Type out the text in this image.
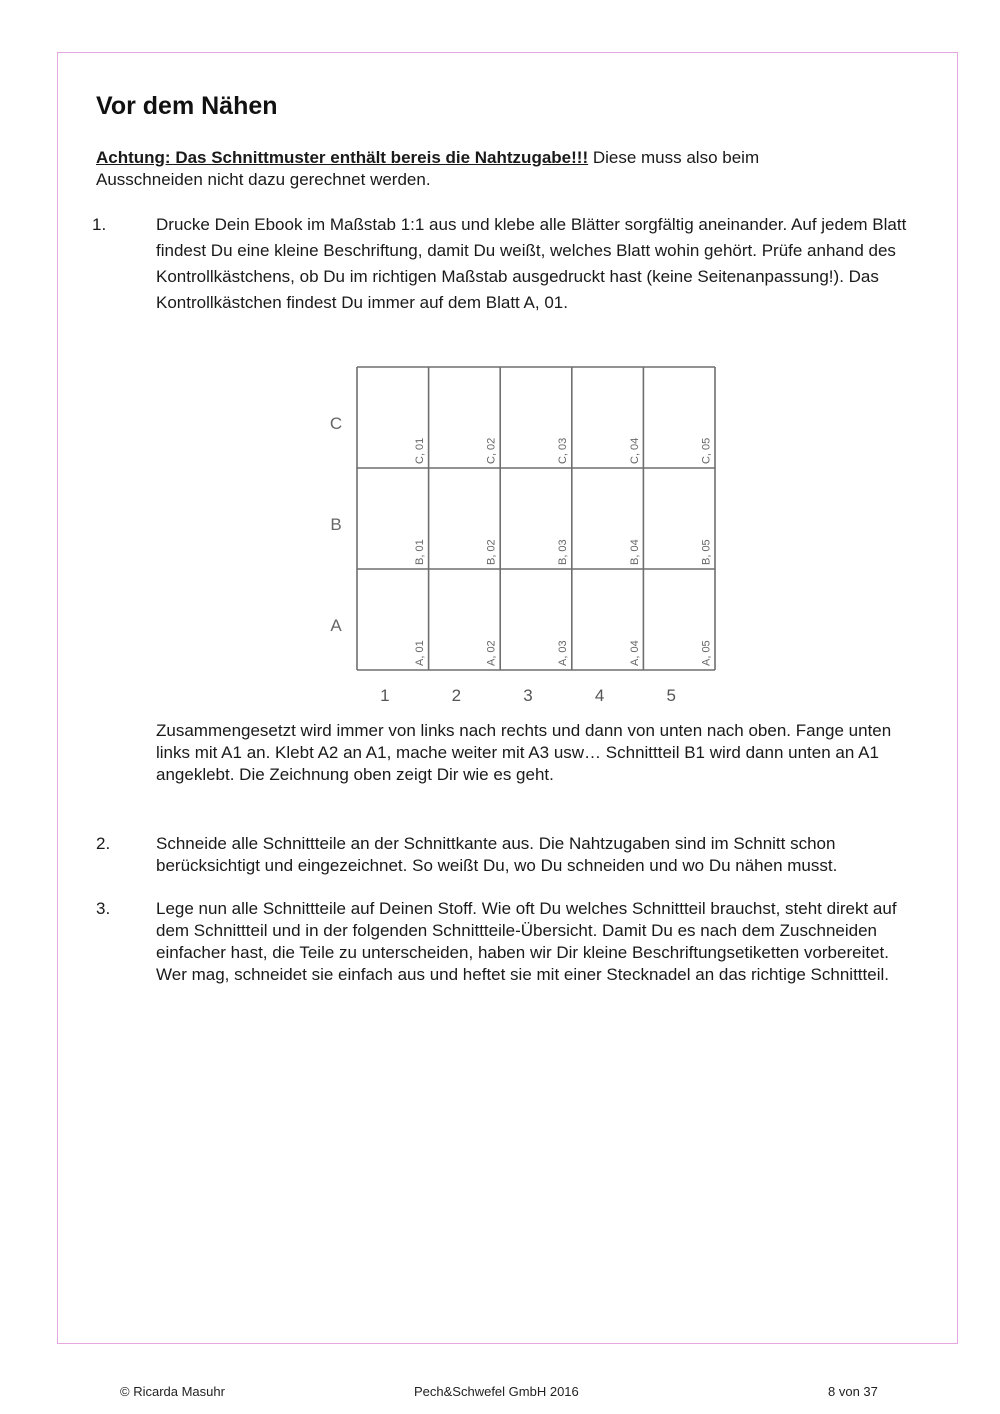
Vor dem Nähen
Achtung: Das Schnittmuster enthält bereis die Nahtzugabe!!! Diese muss also beim Ausschneiden nicht dazu gerechnet werden.
1.	Drucke Dein Ebook im Maßstab 1:1 aus und klebe alle Blätter sorgfältig aneinander. Auf jedem Blatt findest Du eine kleine Beschriftung, damit Du weißt, welches Blatt wohin gehört. Prüfe anhand des Kontrollkästchens, ob Du im richtigen Maßstab ausgedruckt hast (keine Seitenanpassung!). Das Kontrollkästchen findest Du immer auf dem Blatt A, 01.
C
B
A
1	2	3	4	5
C, 01	C, 02	C, 03	C, 04	C, 05
B, 01	B, 02	B, 03	B, 04	B, 05
A, 01	A, 02	A, 03	A, 04	A, 05
Zusammengesetzt wird immer von links nach rechts und dann von unten nach oben. Fange unten links mit A1 an. Klebt A2 an A1, mache weiter mit A3 usw… Schnittteil B1 wird dann unten an A1 angeklebt. Die Zeichnung oben zeigt Dir wie es geht.
2.	Schneide alle Schnittteile an der Schnittkante aus. Die Nahtzugaben sind im Schnitt schon berücksichtigt und eingezeichnet. So weißt Du, wo Du schneiden und wo Du nähen musst.
3.	Lege nun alle Schnittteile auf Deinen Stoff. Wie oft Du welches Schnittteil brauchst, steht direkt auf dem Schnittteil und in der folgenden Schnittteile-Übersicht. Damit Du es nach dem Zuschneiden einfacher hast, die Teile zu unterscheiden, haben wir Dir kleine Beschriftungsetiketten vorbereitet. Wer mag, schneidet sie einfach aus und heftet sie mit einer Stecknadel an das richtige Schnittteil.
© Ricarda Masuhr	Pech&Schwefel GmbH 2016	8 von 37
